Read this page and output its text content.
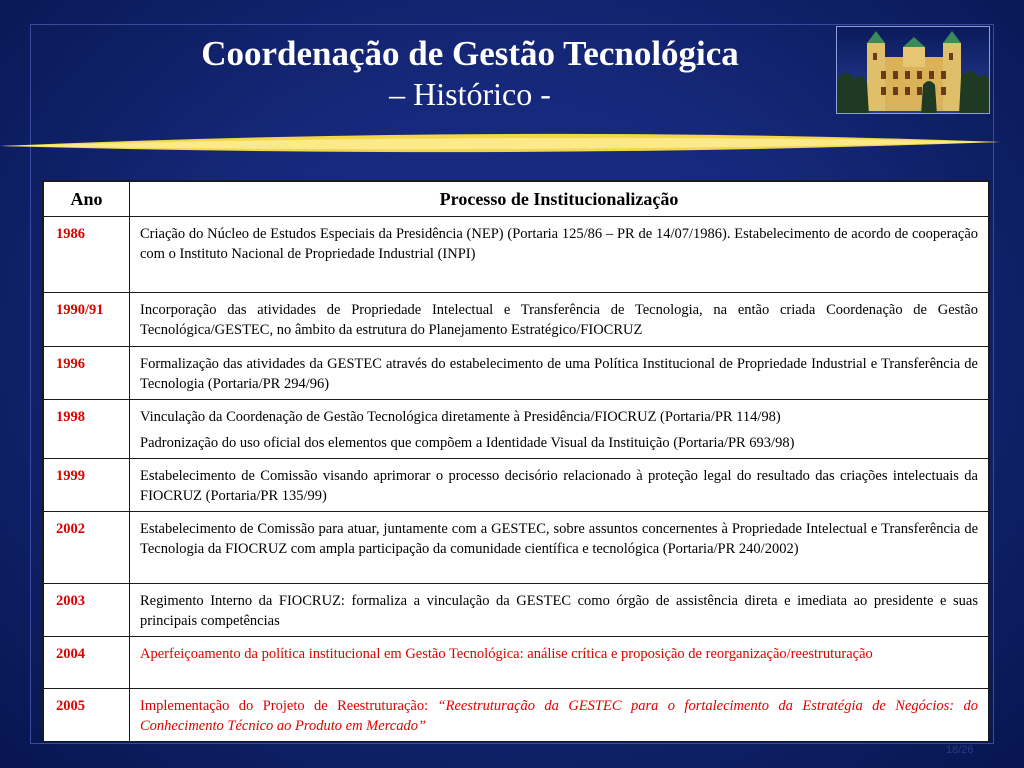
Coordenação de Gestão Tecnológica
– Histórico -
Ano	Processo de Institucionalização
1986	Criação do Núcleo de Estudos Especiais da Presidência (NEP) (Portaria 125/86 – PR de 14/07/1986). Estabelecimento de acordo de cooperação com o Instituto Nacional de Propriedade Industrial (INPI)
1990/91	Incorporação das atividades de Propriedade Intelectual e Transferência de Tecnologia, na então criada Coordenação de Gestão Tecnológica/GESTEC, no âmbito da estrutura do Planejamento Estratégico/FIOCRUZ
1996	Formalização das atividades da GESTEC através do estabelecimento de uma Política Institucional de Propriedade Industrial e Transferência de Tecnologia (Portaria/PR 294/96)
1998	Vinculação da Coordenação de Gestão Tecnológica diretamente à Presidência/FIOCRUZ (Portaria/PR 114/98)
Padronização do uso oficial dos elementos que compõem a Identidade Visual da Instituição (Portaria/PR 693/98)

1999	Estabelecimento de Comissão visando aprimorar o processo decisório relacionado à proteção legal do resultado das criações intelectuais da FIOCRUZ (Portaria/PR 135/99)
2002	Estabelecimento de Comissão para atuar, juntamente com a GESTEC, sobre assuntos concernentes à Propriedade Intelectual e Transferência de Tecnologia da FIOCRUZ com ampla participação da comunidade científica e tecnológica (Portaria/PR 240/2002)
2003	Regimento Interno da FIOCRUZ: formaliza a vinculação da GESTEC como órgão de assistência direta e imediata ao presidente e suas principais competências
2004	Aperfeiçoamento da política institucional em Gestão Tecnológica: análise crítica e proposição de reorganização/reestruturação
2005	Implementação do Projeto de Reestruturação: “Reestruturação da GESTEC para o fortalecimento da Estratégia de Negócios: do Conhecimento Técnico ao Produto em Mercado”
18/26
